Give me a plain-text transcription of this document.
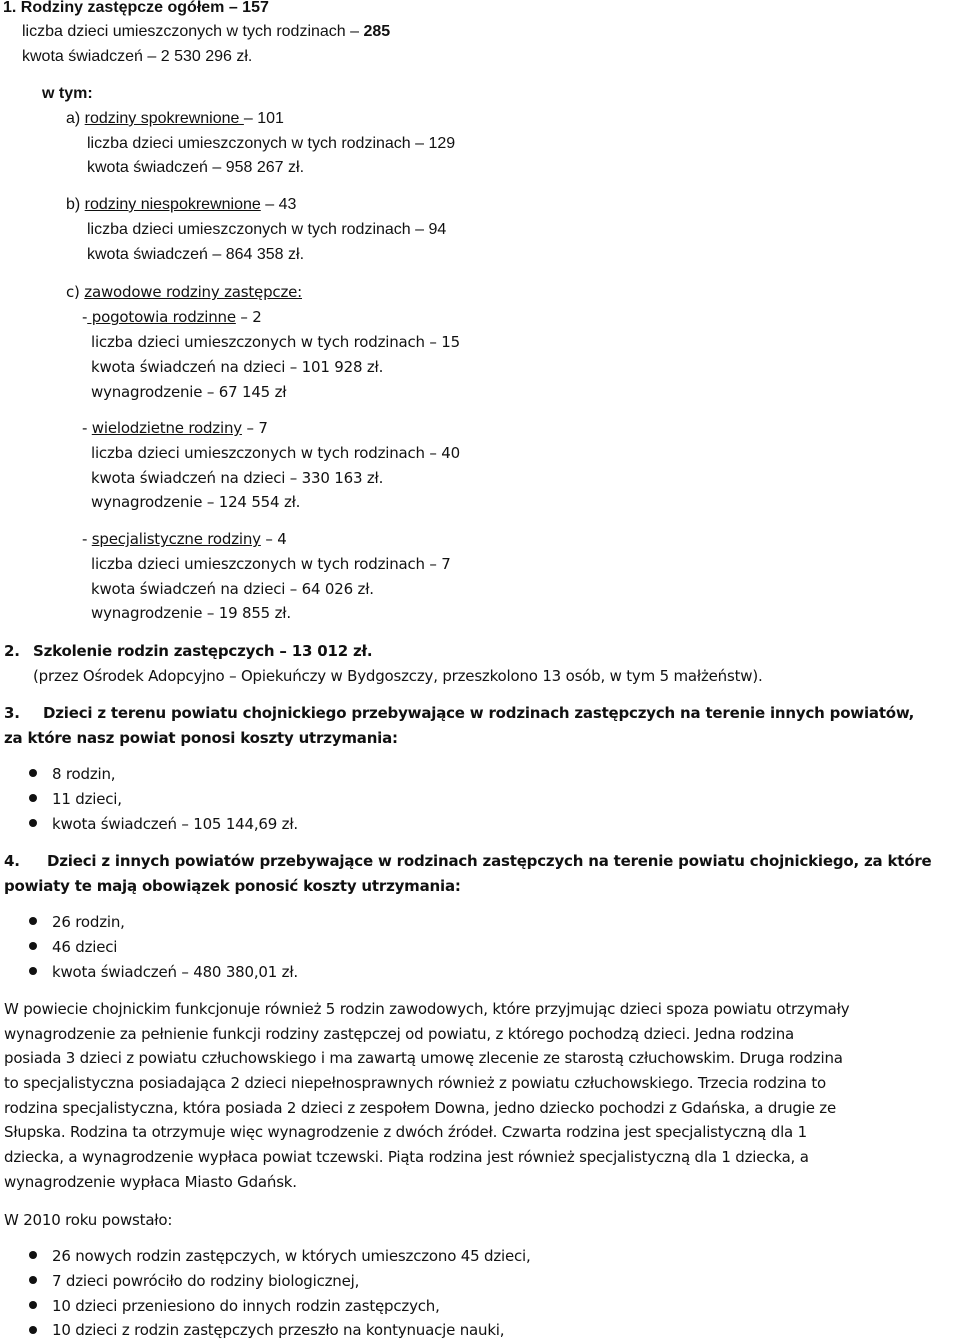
1. Rodziny zastępcze ogółem – 157
liczba dzieci umieszczonych w tych rodzinach – 285
kwota świadczeń – 2 530 296 zł.
w tym:
a) rodziny spokrewnione – 101
liczba dzieci umieszczonych w tych rodzinach – 129
kwota świadczeń – 958 267 zł.
b) rodziny niespokrewnione – 43
liczba dzieci umieszczonych w tych rodzinach – 94
kwota świadczeń – 864 358 zł.
c) zawodowe rodziny zastępcze:
- pogotowia rodzinne – 2
liczba dzieci umieszczonych w tych rodzinach – 15
kwota świadczeń na dzieci – 101 928 zł.
wynagrodzenie – 67 145 zł
- wielodzietne rodziny – 7
liczba dzieci umieszczonych w tych rodzinach – 40
kwota świadczeń na dzieci – 330 163 zł.
wynagrodzenie – 124 554 zł.
- specjalistyczne rodziny – 4
liczba dzieci umieszczonych w tych rodzinach – 7
kwota świadczeń na dzieci – 64 026 zł.
wynagrodzenie – 19 855 zł.
2. Szkolenie rodzin zastępczych – 13 012 zł.
(przez Ośrodek Adopcyjno – Opiekuńczy w Bydgoszczy, przeszkolono 13 osób, w tym 5 małżeństw).
3. Dzieci z terenu powiatu chojnickiego przebywające w rodzinach zastępczych na terenie innych powiatów,
za które nasz powiat ponosi koszty utrzymania:
8 rodzin,
11 dzieci,
kwota świadczeń – 105 144,69 zł.
4. Dzieci z innych powiatów przebywające w rodzinach zastępczych na terenie powiatu chojnickiego, za które
powiaty te mają obowiązek ponosić koszty utrzymania:
26 rodzin,
46 dzieci
kwota świadczeń – 480 380,01 zł.
W powiecie chojnickim funkcjonuje również 5 rodzin zawodowych, które przyjmując dzieci spoza powiatu otrzymały
wynagrodzenie za pełnienie funkcji rodziny zastępczej od powiatu, z którego pochodzą dzieci. Jedna rodzina
posiada 3 dzieci z powiatu człuchowskiego i ma zawartą umowę zlecenie ze starostą człuchowskim. Druga rodzina
to specjalistyczna posiadająca 2 dzieci niepełnosprawnych również z powiatu człuchowskiego. Trzecia rodzina to
rodzina specjalistyczna, która posiada 2 dzieci z zespołem Downa, jedno dziecko pochodzi z Gdańska, a drugie ze
Słupska. Rodzina ta otrzymuje więc wynagrodzenie z dwóch źródeł. Czwarta rodzina jest specjalistyczną dla 1
dziecka, a wynagrodzenie wypłaca powiat tczewski. Piąta rodzina jest również specjalistyczną dla 1 dziecka, a
wynagrodzenie wypłaca Miasto Gdańsk.
W 2010 roku powstało:
26 nowych rodzin zastępczych, w których umieszczono 45 dzieci,
7 dzieci powróciło do rodziny biologicznej,
10 dzieci przeniesiono do innych rodzin zastępczych,
10 dzieci z rodzin zastępczych przeszło na kontynuacje nauki,
